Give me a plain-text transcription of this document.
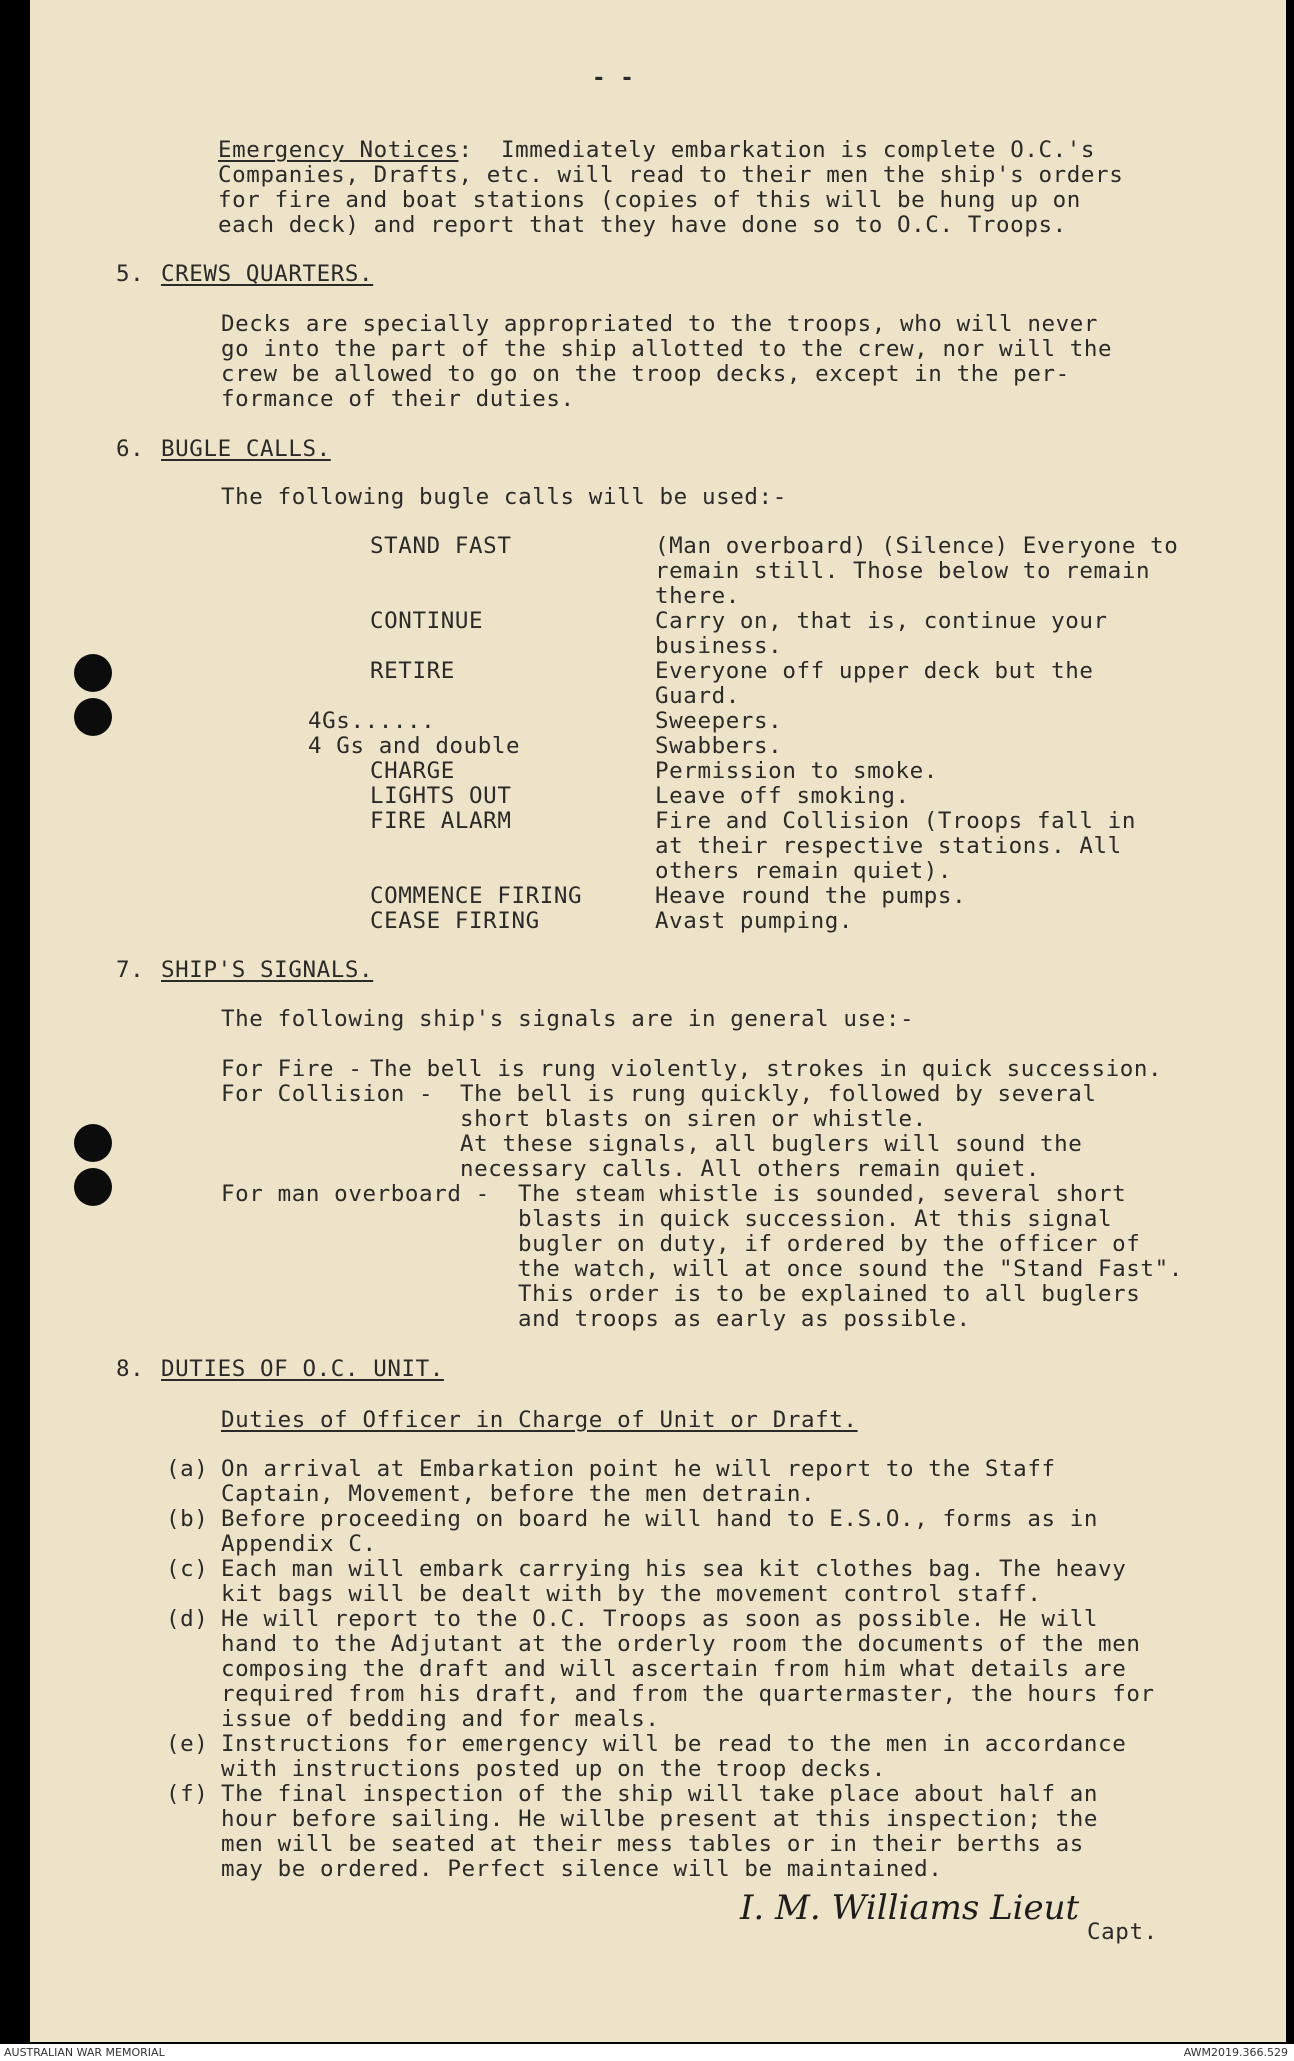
- -
Emergency Notices:  Immediately embarkation is complete O.C.'s
Companies, Drafts, etc. will read to their men the ship's orders
for fire and boat stations (copies of this will be hung up on
each deck) and report that they have done so to O.C. Troops.
5. CREWS QUARTERS.
Decks are specially appropriated to the troops, who will never
go into the part of the ship allotted to the crew, nor will the
crew be allowed to go on the troop decks, except in the per-
formance of their duties.
6. BUGLE CALLS.
The following bugle calls will be used:-
STAND FAST	(Man overboard) (Silence) Everyone to
remain still. Those below to remain
there.
CONTINUE	Carry on, that is, continue your
business.
RETIRE	Everyone off upper deck but the
Guard.
4Gs......	Sweepers.
4 Gs and double	Swabbers.
CHARGE	Permission to smoke.
LIGHTS OUT	Leave off smoking.
FIRE ALARM	Fire and Collision (Troops fall in
at their respective stations. All
others remain quiet).
COMMENCE FIRING	Heave round the pumps.
CEASE FIRING	Avast pumping.
7. SHIP'S SIGNALS.
The following ship's signals are in general use:-
For Fire - The bell is rung violently, strokes in quick succession.
For Collision - The bell is rung quickly, followed by several
short blasts on siren or whistle.
At these signals, all buglers will sound the
necessary calls. All others remain quiet.
For man overboard - The steam whistle is sounded, several short
blasts in quick succession. At this signal
bugler on duty, if ordered by the officer of
the watch, will at once sound the "Stand Fast".
This order is to be explained to all buglers
and troops as early as possible.
8. DUTIES OF O.C. UNIT.
Duties of Officer in Charge of Unit or Draft.
(a) On arrival at Embarkation point he will report to the Staff
Captain, Movement, before the men detrain.
(b) Before proceeding on board he will hand to E.S.O., forms as in
Appendix C.
(c) Each man will embark carrying his sea kit clothes bag. The heavy
kit bags will be dealt with by the movement control staff.
(d) He will report to the O.C. Troops as soon as possible. He will
hand to the Adjutant at the orderly room the documents of the men
composing the draft and will ascertain from him what details are
required from his draft, and from the quartermaster, the hours for
issue of bedding and for meals.
(e) Instructions for emergency will be read to the men in accordance
with instructions posted up on the troop decks.
(f) The final inspection of the ship will take place about half an
hour before sailing. He willbe present at this inspection; the
men will be seated at their mess tables or in their berths as
may be ordered. Perfect silence will be maintained.
I. M. Williams Lieut
Capt.
AUSTRALIAN WAR MEMORIAL	AWM2019.366.529
